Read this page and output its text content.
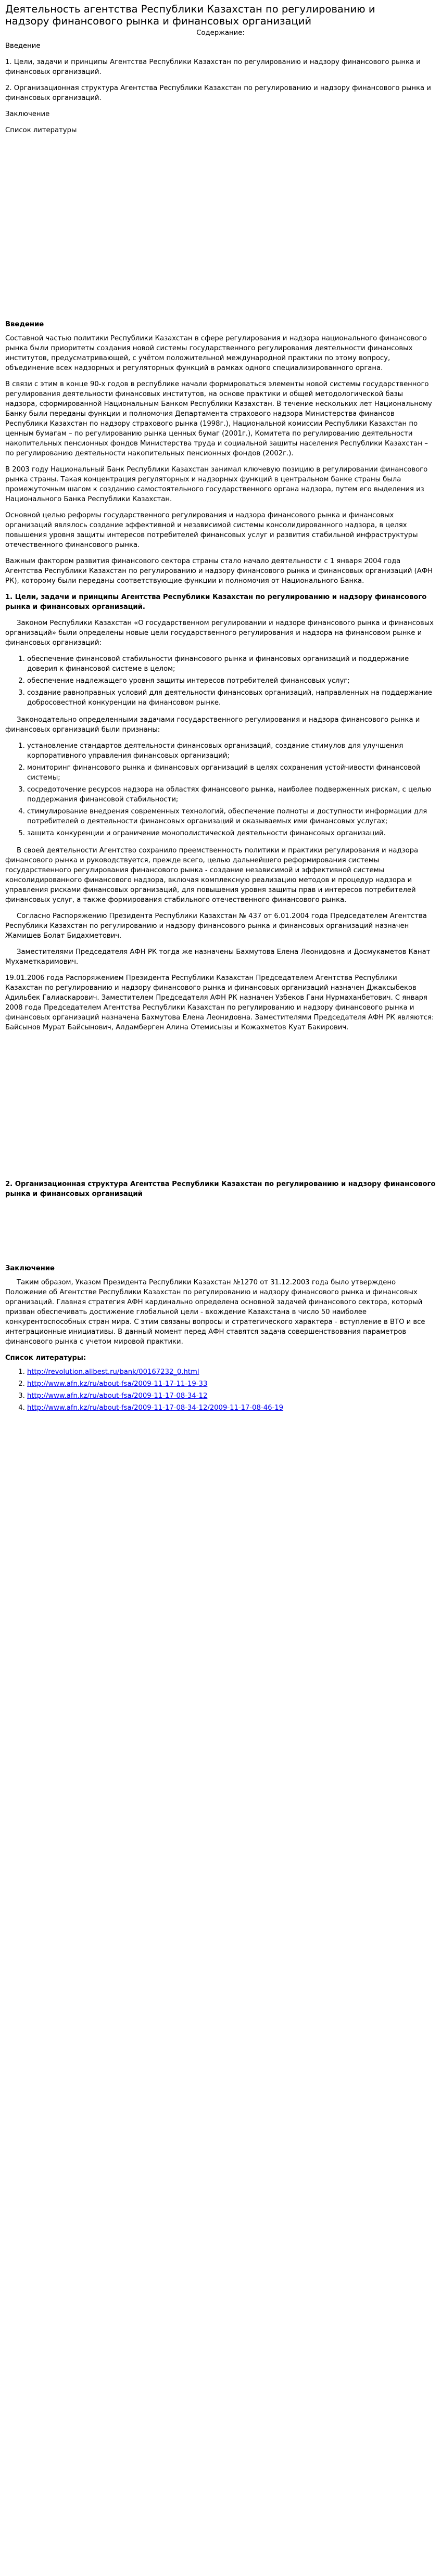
Деятельность агентства Республики Казахстан по регулированию и надзору финансового рынка и финансовых организаций
Содержание:

Введение

1. Цели, задачи и принципы Агентства Республики Казахстан по регулированию и надзору финансового рынка и финансовых организаций.

2. Организационная структура Агентства Республики Казахстан по регулированию и надзору финансового рынка и финансовых организаций.

Заключение

Список литературы

Введение

Составной частью политики Республики Казахстан в сфере регулирования и надзора национального финансового рынка были приоритеты создания новой системы государственного регулирования деятельности финансовых институтов, предусматривающей, с учётом положительной международной практики по этому вопросу, объединение всех надзорных и регуляторных функций в рамках одного специализированного органа.

В связи с этим в конце 90-х годов в республике начали формироваться элементы новой системы государственного регулирования деятельности финансовых институтов, на основе практики и общей методологической базы надзора, сформированной Национальным Банком Республики Казахстан. В течение нескольких лет Национальному Банку были переданы функции и полномочия Департамента страхового надзора Министерства финансов Республики Казахстан по надзору страхового рынка (1998г.), Национальной комиссии Республики Казахстан по ценным бумагам – по регулированию рынка ценных бумаг (2001г.), Комитета по регулированию деятельности накопительных пенсионных фондов Министерства труда и социальной защиты населения Республики Казахстан – по регулированию деятельности накопительных пенсионных фондов (2002г.).

В 2003 году Национальный Банк Республики Казахстан занимал ключевую позицию в регулировании финансового рынка страны. Такая концентрация регуляторных и надзорных функций в центральном банке страны была промежуточным шагом к созданию самостоятельного государственного органа надзора, путем его выделения из Национального Банка Республики Казахстан.

Основной целью реформы государственного регулирования и надзора финансового рынка и финансовых организаций являлось создание эффективной и независимой системы консолидированного надзора, в целях повышения уровня защиты интересов потребителей финансовых услуг и развития стабильной инфраструктуры отечественного финансового рынка.

Важным фактором развития финансового сектора страны стало начало деятельности с 1 января 2004 года Агентства Республики Казахстан по регулированию и надзору финансового рынка и финансовых организаций (АФН РК), которому были переданы соответствующие функции и полномочия от Национального Банка.

1. Цели, задачи и принципы Агентства Республики Казахстан по регулированию и надзору финансового рынка и финансовых организаций.

Законом Республики Казахстан «О государственном регулировании и надзоре финансового рынка и финансовых организаций» были определены новые цели государственного регулирования и надзора на финансовом рынке и финансовых организаций:

1. обеспечение финансовой стабильности финансового рынка и финансовых организаций и поддержание доверия к финансовой системе в целом;
2. обеспечение надлежащего уровня защиты интересов потребителей финансовых услуг;
3. создание равноправных условий для деятельности финансовых организаций, направленных на поддержание добросовестной конкуренции на финансовом рынке.

Законодательно определенными задачами государственного регулирования и надзора финансового рынка и финансовых организаций были признаны:

1. установление стандартов деятельности финансовых организаций, создание стимулов для улучшения корпоративного управления финансовых организаций;
2. мониторинг финансового рынка и финансовых организаций в целях сохранения устойчивости финансовой системы;
3. сосредоточение ресурсов надзора на областях финансового рынка, наиболее подверженных рискам, с целью поддержания финансовой стабильности;
4. стимулирование внедрения современных технологий, обеспечение полноты и доступности информации для потребителей о деятельности финансовых организаций и оказываемых ими финансовых услугах;
5. защита конкуренции и ограничение монополистической деятельности финансовых организаций.

В своей деятельности Агентство сохранило преемственность политики и практики регулирования и надзора финансового рынка и руководствуется, прежде всего, целью дальнейшего реформирования системы государственного регулирования финансового рынка - создание независимой и эффективной системы консолидированного финансового надзора, включая комплексную реализацию методов и процедур надзора и управления рисками финансовых организаций, для повышения уровня защиты прав и интересов потребителей финансовых услуг, а также формирования стабильного отечественного финансового рынка.

Согласно Распоряжению Президента Республики Казахстан № 437 от 6.01.2004 года Председателем Агентства Республики Казахстан по регулированию и надзору финансового рынка и финансовых организаций назначен Жамишев Болат Бидахметович.

Заместителями Председателя АФН РК тогда же назначены Бахмутова Елена Леонидовна и Досмукаметов Канат Мухаметкаримович.

19.01.2006 года Распоряжением Президента Республики Казахстан Председателем Агентства Республики Казахстан по регулированию и надзору финансового рынка и финансовых организаций назначен Джаксыбеков Адильбек Галиаскарович. Заместителем Председателя АФН РК назначен Узбеков Гани Нурмаханбетович. С января 2008 года Председателем Агентства Республики Казахстан по регулированию и надзору финансового рынка и финансовых организаций назначена Бахмутова Елена Леонидовна. Заместителями Председателя АФН РК являются: Байсынов Мурат Байсынович, Алдамберген Алина Отемисызы и Кожахметов Куат Бакирович.

2. Организационная структура Агентства Республики Казахстан по регулированию и надзору финансового рынка и финансовых организаций

Заключение

Таким образом, Указом Президента Республики Казахстан №1270 от 31.12.2003 года было утверждено Положение об Агентстве Республики Казахстан по регулированию и надзору финансового рынка и финансовых организаций. Главная стратегия АФН кардинально определена основной задачей финансового сектора, который призван обеспечивать достижение глобальной цели - вхождение Казахстана в число 50 наиболее конкурентоспособных стран мира. С этим связаны вопросы и стратегического характера - вступление в ВТО и все интеграционные инициативы. В данный момент перед АФН ставятся задача совершенствования параметров финансового рынка с учетом мировой практики.

Список литературы:

1. http://revolution.allbest.ru/bank/00167232_0.html
2. http://www.afn.kz/ru/about-fsa/2009-11-17-11-19-33
3. http://www.afn.kz/ru/about-fsa/2009-11-17-08-34-12
4. http://www.afn.kz/ru/about-fsa/2009-11-17-08-34-12/2009-11-17-08-46-19
